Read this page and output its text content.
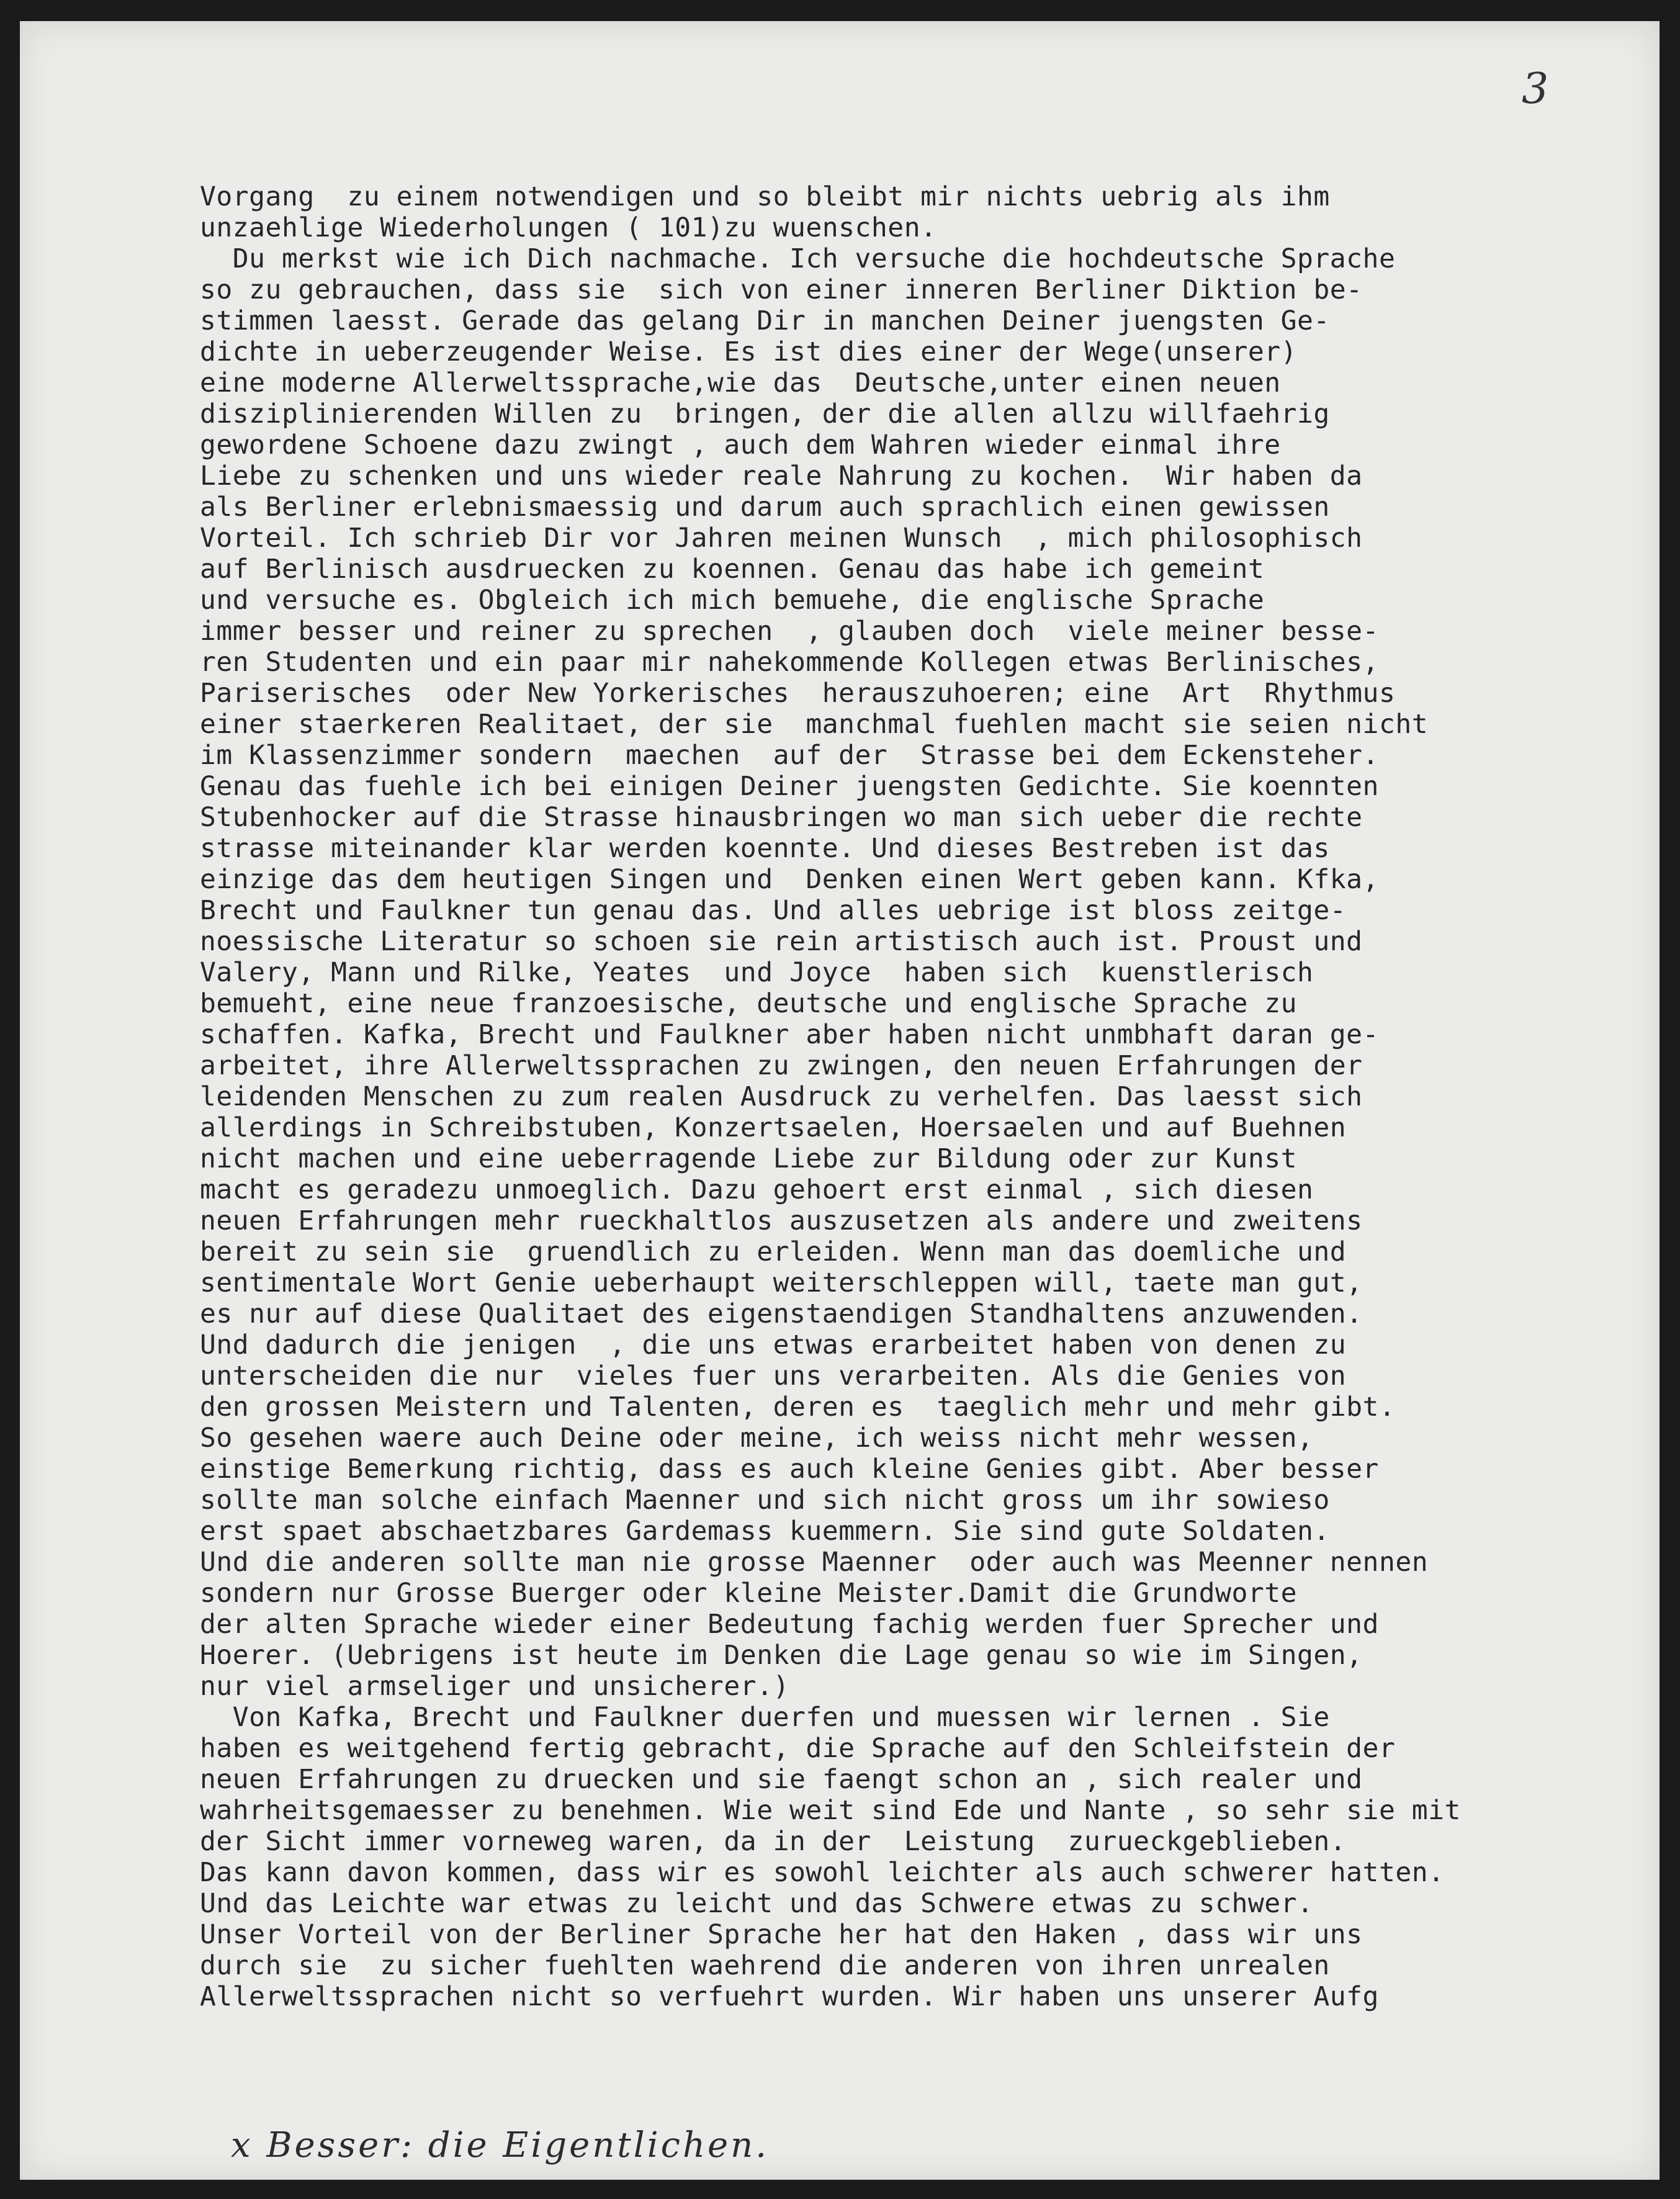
3
Vorgang  zu einem notwendigen und so bleibt mir nichts uebrig als ihm
unzaehlige Wiederholungen ( 101)zu wuenschen.
Du merkst wie ich Dich nachmache. Ich versuche die hochdeutsche Sprache
so zu gebrauchen, dass sie  sich von einer inneren Berliner Diktion be-
stimmen laesst. Gerade das gelang Dir in manchen Deiner juengsten Ge-
dichte in ueberzeugender Weise. Es ist dies einer der Wege(unserer)
eine moderne Allerweltssprache,wie das  Deutsche,unter einen neuen
disziplinierenden Willen zu  bringen, der die allen allzu willfaehrig
gewordene Schoene dazu zwingt , auch dem Wahren wieder einmal ihre
Liebe zu schenken und uns wieder reale Nahrung zu kochen.  Wir haben da
als Berliner erlebnismaessig und darum auch sprachlich einen gewissen
Vorteil. Ich schrieb Dir vor Jahren meinen Wunsch  , mich philosophisch
auf Berlinisch ausdruecken zu koennen. Genau das habe ich gemeint
und versuche es. Obgleich ich mich bemuehe, die englische Sprache
immer besser und reiner zu sprechen  , glauben doch  viele meiner besse-
ren Studenten und ein paar mir nahekommende Kollegen etwas Berlinisches,
Pariserisches  oder New Yorkerisches  herauszuhoeren; eine  Art  Rhythmus
einer staerkeren Realitaet, der sie  manchmal fuehlen macht sie seien nicht
im Klassenzimmer sondern  maechen  auf der  Strasse bei dem Eckensteher.
Genau das fuehle ich bei einigen Deiner juengsten Gedichte. Sie koennten
Stubenhocker auf die Strasse hinausbringen wo man sich ueber die rechte
strasse miteinander klar werden koennte. Und dieses Bestreben ist das
einzige das dem heutigen Singen und  Denken einen Wert geben kann. Kfka,
Brecht und Faulkner tun genau das. Und alles uebrige ist bloss zeitge-
noessische Literatur so schoen sie rein artistisch auch ist. Proust und
Valery, Mann und Rilke, Yeates  und Joyce  haben sich  kuenstlerisch
bemueht, eine neue franzoesische, deutsche und englische Sprache zu
schaffen. Kafka, Brecht und Faulkner aber haben nicht unmbhaft daran ge-
arbeitet, ihre Allerweltssprachen zu zwingen, den neuen Erfahrungen der
leidenden Menschen zu zum realen Ausdruck zu verhelfen. Das laesst sich
allerdings in Schreibstuben, Konzertsaelen, Hoersaelen und auf Buehnen
nicht machen und eine ueberragende Liebe zur Bildung oder zur Kunst
macht es geradezu unmoeglich. Dazu gehoert erst einmal , sich diesen
neuen Erfahrungen mehr rueckhaltlos auszusetzen als andere und zweitens
bereit zu sein sie  gruendlich zu erleiden. Wenn man das doemliche und
sentimentale Wort Genie ueberhaupt weiterschleppen will, taete man gut,
es nur auf diese Qualitaet des eigenstaendigen Standhaltens anzuwenden.
Und dadurch die jenigen  , die uns etwas erarbeitet haben von denen zu
unterscheiden die nur  vieles fuer uns verarbeiten. Als die Genies von
den grossen Meistern und Talenten, deren es  taeglich mehr und mehr gibt.
So gesehen waere auch Deine oder meine, ich weiss nicht mehr wessen,
einstige Bemerkung richtig, dass es auch kleine Genies gibt. Aber besser
sollte man solche einfach Maenner und sich nicht gross um ihr sowieso
erst spaet abschaetzbares Gardemass kuemmern. Sie sind gute Soldaten.
Und die anderen sollte man nie grosse Maenner  oder auch was Meenner nennen
sondern nur Grosse Buerger oder kleine Meister.Damit die Grundworte
der alten Sprache wieder einer Bedeutung fachig werden fuer Sprecher und
Hoerer. (Uebrigens ist heute im Denken die Lage genau so wie im Singen,
nur viel armseliger und unsicherer.)
Von Kafka, Brecht und Faulkner duerfen und muessen wir lernen . Sie
haben es weitgehend fertig gebracht, die Sprache auf den Schleifstein der
neuen Erfahrungen zu druecken und sie faengt schon an , sich realer und
wahrheitsgemaesser zu benehmen. Wie weit sind Ede und Nante , so sehr sie mit
der Sicht immer vorneweg waren, da in der  Leistung  zurueckgeblieben.
Das kann davon kommen, dass wir es sowohl leichter als auch schwerer hatten.
Und das Leichte war etwas zu leicht und das Schwere etwas zu schwer.
Unser Vorteil von der Berliner Sprache her hat den Haken , dass wir uns
durch sie  zu sicher fuehlten waehrend die anderen von ihren unrealen
Allerweltssprachen nicht so verfuehrt wurden. Wir haben uns unserer Aufg
x Besser: die Eigentlichen.
